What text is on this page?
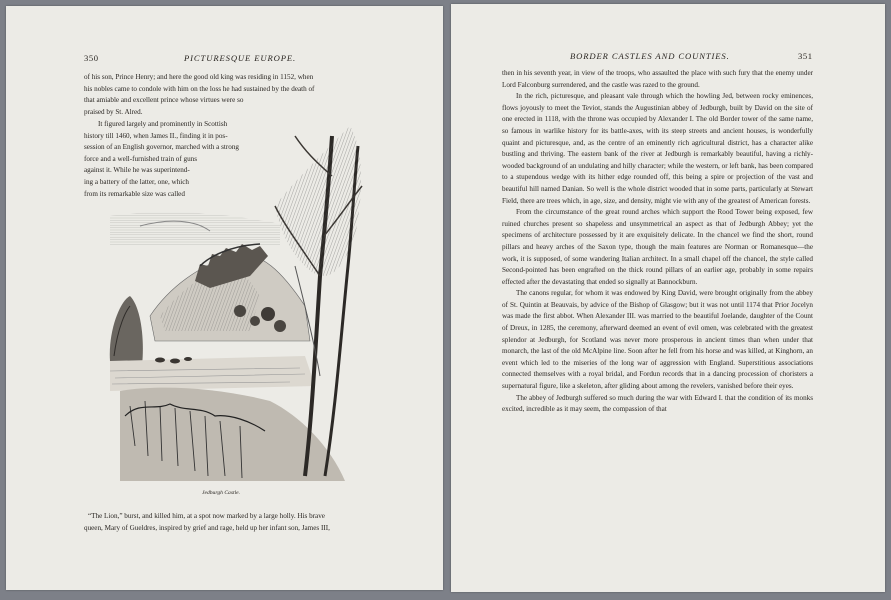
350	PICTURESQUE EUROPE.
of his son, Prince Henry; and here the good old king was residing in 1152, when
his nobles came to condole with him on the loss he had sustained by the death of
that amiable and excellent prince whose virtues were so
praised by St. Alred.
It figured largely and prominently in Scottish
history till 1460, when James II., finding it in pos-
session of an English governor, marched with a strong
force and a well-furnished train of guns
against it. While he was superintend-
ing a battery of the latter, one, which
from its remarkable size was called
Jedburgh Castle.
“The Lion,” burst, and killed him, at a spot now marked by a large holly. His brave
queen, Mary of Gueldres, inspired by grief and rage, held up her infant son, James III,
BORDER CASTLES AND COUNTIES.	351

then in his seventh year, in view of the troops, who assaulted the place with such fury that the enemy under Lord Falconburg surrendered, and the castle was razed to the ground.

In the rich, picturesque, and pleasant vale through which the howling Jed, between rocky eminences, flows joyously to meet the Teviot, stands the Augustinian abbey of Jedburgh, built by David on the site of one erected in 1118, with the throne was occupied by Alexander I. The old Border tower of the same name, so famous in warlike history for its battle-axes, with its steep streets and ancient houses, is wonderfully quaint and picturesque, and, as the centre of an eminently rich agricultural district, has a character alike bustling and thriving. The eastern bank of the river at Jedburgh is remarkably beautiful, having a richly-wooded background of an undulating and hilly character; while the western, or left bank, has been compared to a stupendous wedge with its hither edge rounded off, this being a spire or projection of the vast and beautiful hill named Danian. So well is the whole district wooded that in some parts, particularly at Stewart Field, there are trees which, in age, size, and density, might vie with any of the greatest of American forests.

From the circumstance of the great round arches which support the Rood Tower being exposed, few ruined churches present so shapeless and unsymmetrical an aspect as that of Jedburgh Abbey; yet the specimens of architecture possessed by it are exquisitely delicate. In the chancel we find the short, round pillars and heavy arches of the Saxon type, though the main features are Norman or Romanesque—the work, it is supposed, of some wandering Italian architect. In a small chapel off the chancel, the style called Second-pointed has been engrafted on the thick round pillars of an earlier age, probably in some repairs effected after the devastating that ended so signally at Bannockburn.

The canons regular, for whom it was endowed by King David, were brought originally from the abbey of St. Quintin at Beauvais, by advice of the Bishop of Glasgow; but it was not until 1174 that Prior Jocelyn was made the first abbot. When Alexander III. was married to the beautiful Joelande, daughter of the Count of Dreux, in 1285, the ceremony, afterward deemed an event of evil omen, was celebrated with the greatest splendor at Jedburgh, for Scotland was never more prosperous in ancient times than when under that monarch, the last of the old McAlpine line. Soon after he fell from his horse and was killed, at Kinghorn, an event which led to the miseries of the long war of aggression with England. Superstitious associations connected themselves with a royal bridal, and Fordun records that in a dancing procession of choristers a supernatural figure, like a skeleton, after gliding about among the revelers, vanished before their eyes.

The abbey of Jedburgh suffered so much during the war with Edward I. that the condition of its monks excited, incredible as it may seem, the compassion of that
